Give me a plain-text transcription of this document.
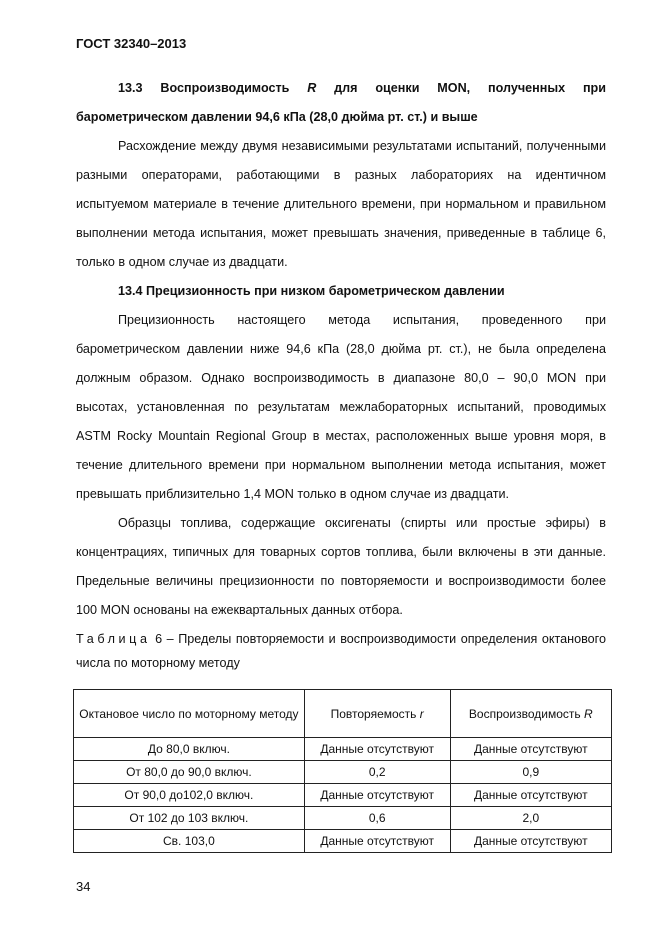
ГОСТ 32340–2013

13.3 Воспроизводимость R для оценки MON, полученных при барометрическом давлении 94,6 кПа (28,0 дюйма рт. ст.) и выше

Расхождение между двумя независимыми результатами испытаний, полученными разными операторами, работающими в разных лабораториях на идентичном испытуемом материале в течение длительного времени, при нормальном и правильном выполнении метода испытания, может превышать значения, приведенные в таблице 6, только в одном случае из двадцати.

13.4 Прецизионность при низком барометрическом давлении

Прецизионность настоящего метода испытания, проведенного при барометрическом давлении ниже 94,6 кПа (28,0 дюйма рт. ст.), не была определена должным образом. Однако воспроизводимость в диапазоне 80,0 – 90,0 MON при высотах, установленная по результатам межлабораторных испытаний, проводимых ASTM Rocky Mountain Regional Group в местах, расположенных выше уровня моря, в течение длительного времени при нормальном выполнении метода испытания, может превышать приблизительно 1,4 MON только в одном случае из двадцати.

Образцы топлива, содержащие оксигенаты (спирты или простые эфиры) в концентрациях, типичных для товарных сортов топлива, были включены в эти данные. Предельные величины прецизионности по повторяемости и воспроизводимости более 100 MON основаны на ежеквартальных данных отбора.

Таблица 6 – Пределы повторяемости и воспроизводимости определения октанового числа по моторному методу

Октановое число по моторному методу	Повторяемость r	Воспроизводимость R
До 80,0 включ.	Данные отсутствуют	Данные отсутствуют
От 80,0 до 90,0 включ.	0,2	0,9
От 90,0 до102,0 включ.	Данные отсутствуют	Данные отсутствуют
От 102 до 103 включ.	0,6	2,0
Св. 103,0	Данные отсутствуют	Данные отсутствуют
34
